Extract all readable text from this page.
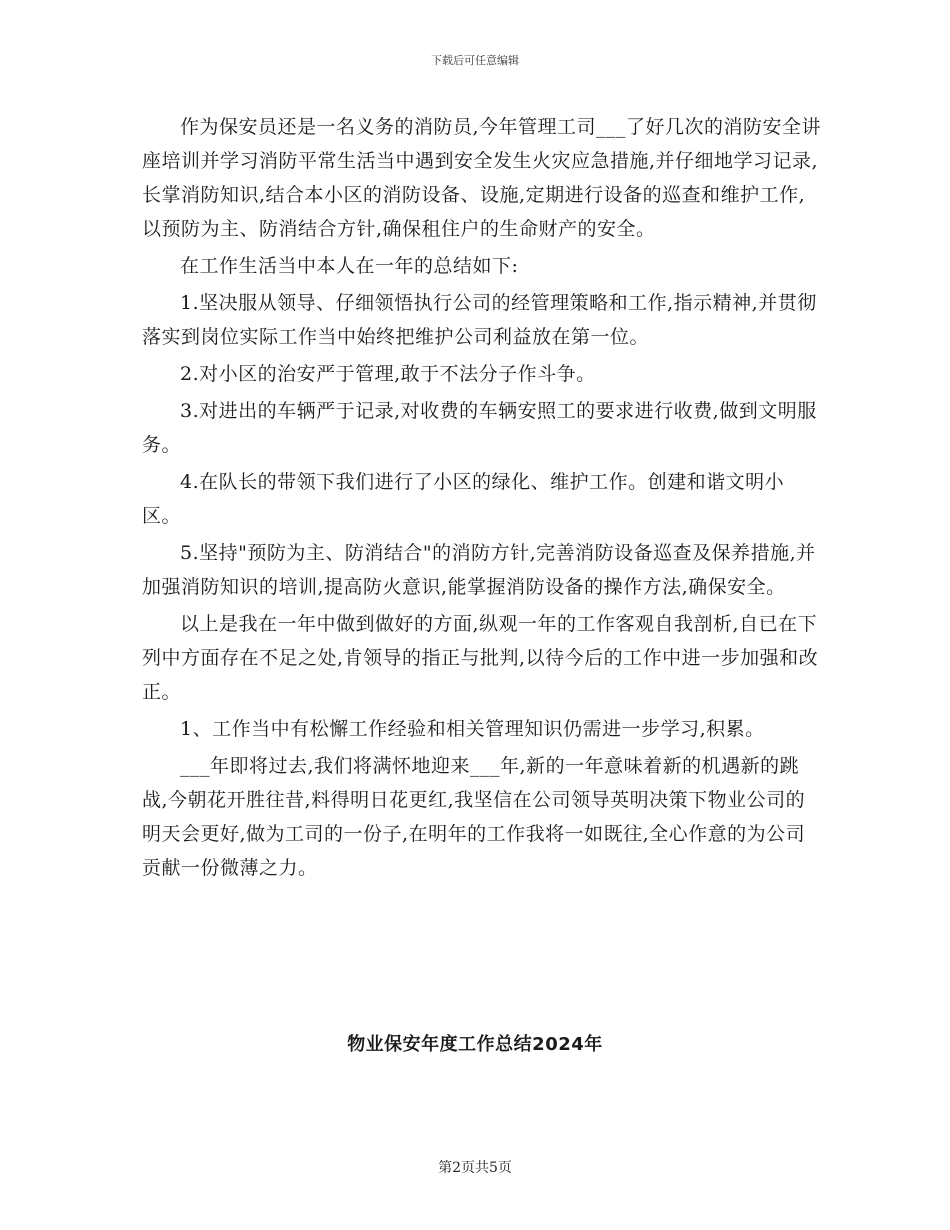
下载后可任意编辑

作为保安员还是一名义务的消防员,今年管理工司___了好几次的消防安全讲座培训并学习消防平常生活当中遇到安全发生火灾应急措施,并仔细地学习记录,长掌消防知识,结合本小区的消防设备、设施,定期进行设备的巡查和维护工作,以预防为主、防消结合方针,确保租住户的生命财产的安全。

在工作生活当中本人在一年的总结如下:

1.坚决服从领导、仔细领悟执行公司的经管理策略和工作,指示精神,并贯彻落实到岗位实际工作当中始终把维护公司利益放在第一位。

2.对小区的治安严于管理,敢于不法分子作斗争。

3.对进出的车辆严于记录,对收费的车辆安照工的要求进行收费,做到文明服务。

4.在队长的带领下我们进行了小区的绿化、维护工作。创建和谐文明小区。

5.坚持"预防为主、防消结合"的消防方针,完善消防设备巡查及保养措施,并加强消防知识的培训,提高防火意识,能掌握消防设备的操作方法,确保安全。

以上是我在一年中做到做好的方面,纵观一年的工作客观自我剖析,自已在下列中方面存在不足之处,肯领导的指正与批判,以待今后的工作中进一步加强和改正。

1、工作当中有松懈工作经验和相关管理知识仍需进一步学习,积累。

___年即将过去,我们将满怀地迎来___年,新的一年意味着新的机遇新的跳战,今朝花开胜往昔,料得明日花更红,我坚信在公司领导英明决策下物业公司的明天会更好,做为工司的一份子,在明年的工作我将一如既往,全心作意的为公司贡献一份微薄之力。

物业保安年度工作总结2024年
第2页共5页
